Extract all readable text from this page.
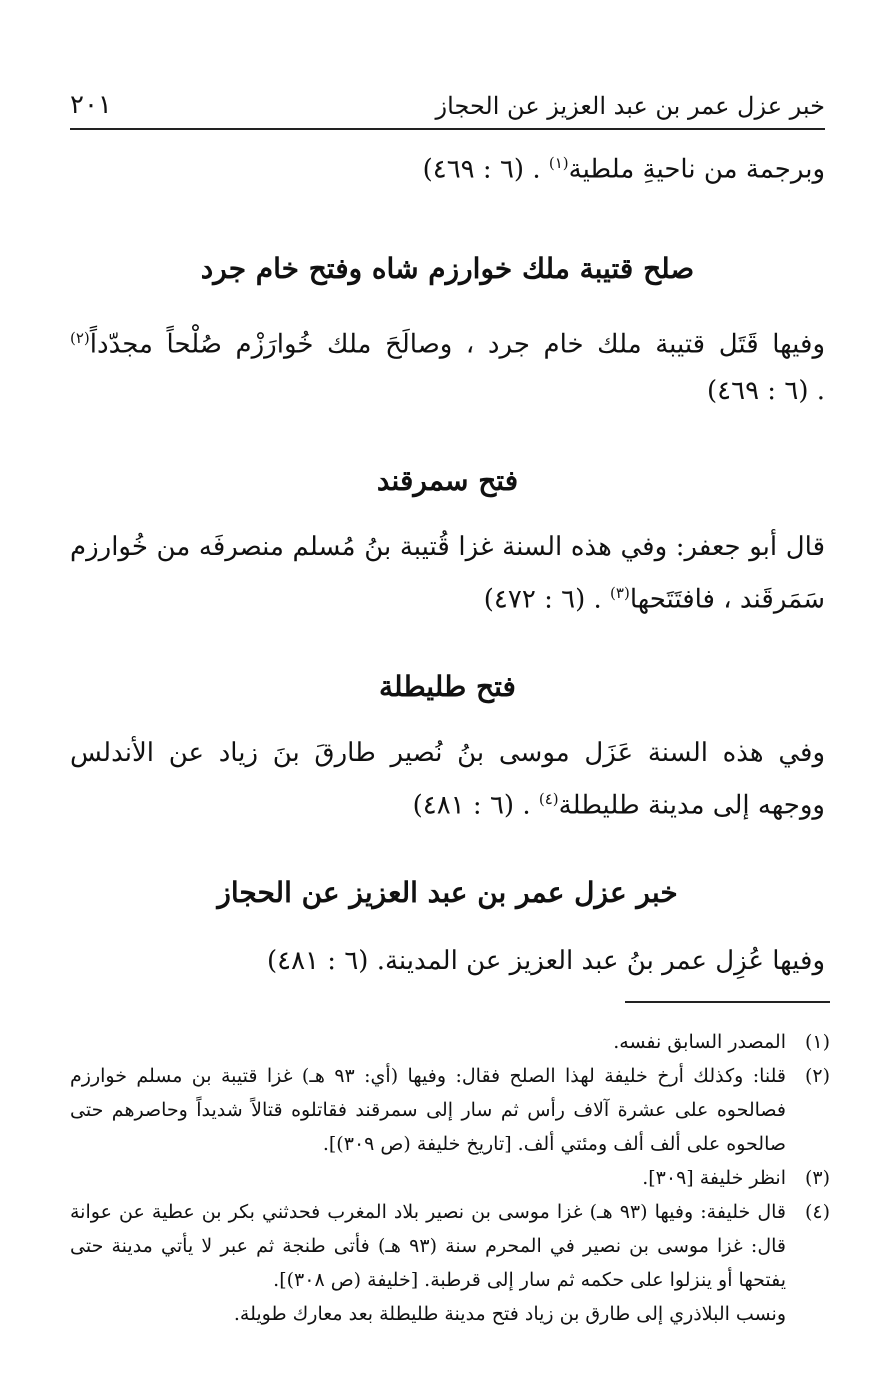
خبر عزل عمر بن عبد العزيز عن الحجاز
٢٠١

وبرجمة من ناحيةِ ملطية$^{(١)}$ . (٦ : ٤٦٩)

صلح قتيبة ملك خوارزم شاه وفتح خام جرد

وفيها قَتَل قتيبة ملك خام جرد ، وصالَحَ ملك خُوارَزْم صُلْحاً مجدّداً$^{(٢)}$ . (٦ : ٤٦٩)

فتح سمرقند

قال أبو جعفر: وفي هذه السنة غزا قُتيبة بنُ مُسلم منصرفَه من خُوارزم سَمَرقَند ، فافتَتَحها$^{(٣)}$ . (٦ : ٤٧٢)

فتح طليطلة

وفي هذه السنة عَزَل موسى بنُ نُصير طارقَ بنَ زياد عن الأندلس ووجهه إلى مدينة طليطلة$^{(٤)}$ . (٦ : ٤٨١)

خبر عزل عمر بن عبد العزيز عن الحجاز

وفيها عُزِل عمر بنُ عبد العزيز عن المدينة. (٦ : ٤٨١)

(١)
المصدر السابق نفسه.
(٢)
قلنا: وكذلك أرخ خليفة لهذا الصلح فقال: وفيها (أي: ٩٣ هـ) غزا قتيبة بن مسلم خوارزم فصالحوه على عشرة آلاف رأس ثم سار إلى سمرقند فقاتلوه قتالاً شديداً وحاصرهم حتى صالحوه على ألف ألف ومئتي ألف. [تاريخ خليفة (ص ٣٠٩)].
(٣)
انظر خليفة [٣٠٩].
(٤)
قال خليفة: وفيها (٩٣ هـ) غزا موسى بن نصير بلاد المغرب فحدثني بكر بن عطية عن عوانة قال: غزا موسى بن نصير في المحرم سنة (٩٣ هـ) فأتى طنجة ثم عبر لا يأتي مدينة حتى يفتحها أو ينزلوا على حكمه ثم سار إلى قرطبة. [خليفة (ص ٣٠٨)].
ونسب البلاذري إلى طارق بن زياد فتح مدينة طليطلة بعد معارك طويلة.
